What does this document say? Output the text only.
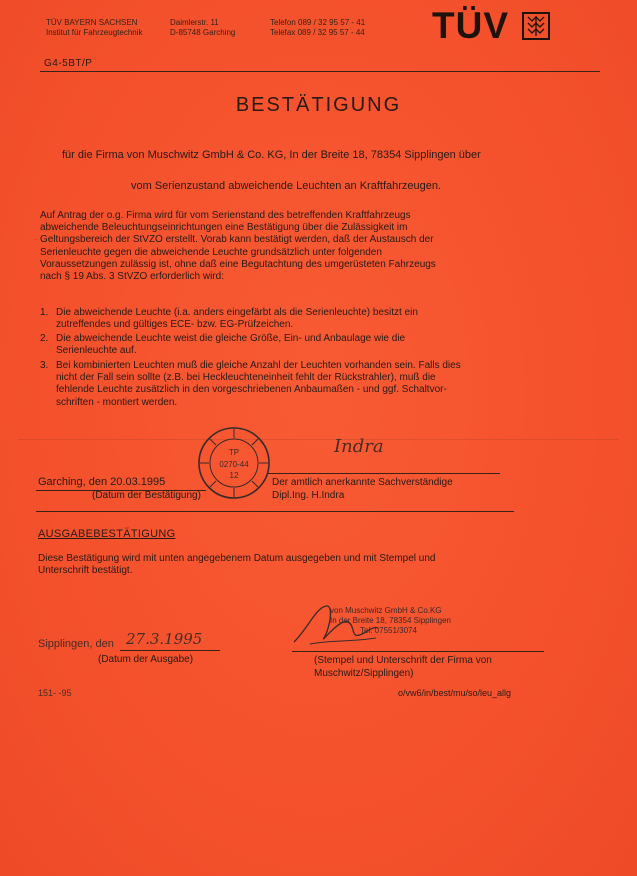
TÜV BAYERN SACHSEN
Institut für Fahrzeugtechnik
Daimlerstr. 11
D-85748 Garching
Telefon 089 / 32 95 57 - 41
Telefax 089 / 32 95 57 - 44 TÜV
G4-5BT/P
BESTÄTIGUNG
für die Firma von Muschwitz GmbH & Co. KG, In der Breite 18, 78354 Sipplingen über
vom Serienzustand abweichende Leuchten an Kraftfahrzeugen.
Auf Antrag der o.g. Firma wird für vom Serienstand des betreffenden Kraftfahrzeugs
abweichende Beleuchtungseinrichtungen eine Bestätigung über die Zulässigkeit im
Geltungsbereich der StVZO erstellt. Vorab kann bestätigt werden, daß der Austausch der
Serienleuchte gegen die abweichende Leuchte grundsätzlich unter folgenden
Voraussetzungen zulässig ist, ohne daß eine Begutachtung des umgerüsteten Fahrzeugs
nach § 19 Abs. 3 StVZO erforderlich wird:
1. Die abweichende Leuchte (i.a. anders eingefärbt als die Serienleuchte) besitzt ein
zutreffendes und gültiges ECE- bzw. EG-Prüfzeichen.
2. Die abweichende Leuchte weist die gleiche Größe, Ein- und Anbaulage wie die
Serienleuchte auf.
3. Bei kombinierten Leuchten muß die gleiche Anzahl der Leuchten vorhanden sein. Falls dies
nicht der Fall sein sollte (z.B. bei Heckleuchteneinheit fehlt der Rückstrahler), muß die
fehlende Leuchte zusätzlich in den vorgeschriebenen Anbaumaßen - und ggf. Schaltvor-
schriften - montiert werden.
TP
0270-44
12
Indra
Garching, den 20.03.1995
(Datum der Bestätigung)
Der amtlich anerkannte Sachverständige
Dipl.Ing. H.Indra
AUSGABEBESTÄTIGUNG
Diese Bestätigung wird mit unten angegebenem Datum ausgegeben und mit Stempel und
Unterschrift bestätigt.
von Muschwitz GmbH & Co.KG
In der Breite 18, 78354 Sipplingen
Tel. 07551/3074
Sipplingen, den 27.3.1995
(Datum der Ausgabe)	(Stempel und Unterschrift der Firma von
Muschwitz/Sipplingen)
151- -95	o/vw6/in/best/mu/so/leu_allg
